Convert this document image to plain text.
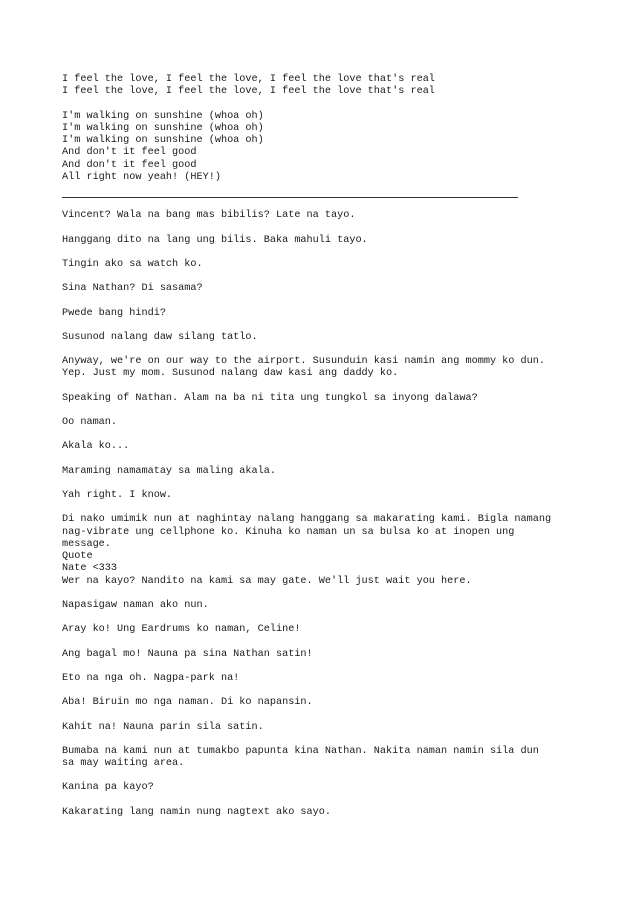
I feel the love, I feel the love, I feel the love that's real
I feel the love, I feel the love, I feel the love that's real
I'm walking on sunshine (whoa oh)
I'm walking on sunshine (whoa oh)
I'm walking on sunshine (whoa oh)
And don't it feel good
And don't it feel good
All right now yeah! (HEY!)
Vincent? Wala na bang mas bibilis? Late na tayo.
Hanggang dito na lang ung bilis. Baka mahuli tayo.
Tingin ako sa watch ko.
Sina Nathan? Di sasama?
Pwede bang hindi?
Susunod nalang daw silang tatlo.
Anyway, we're on our way to the airport. Susunduin kasi namin ang mommy ko dun.
Yep. Just my mom. Susunod nalang daw kasi ang daddy ko.
Speaking of Nathan. Alam na ba ni tita ung tungkol sa inyong dalawa?
Oo naman.
Akala ko...
Maraming namamatay sa maling akala.
Yah right. I know.
Di nako umimik nun at naghintay nalang hanggang sa makarating kami. Bigla namang
nag-vibrate ung cellphone ko. Kinuha ko naman un sa bulsa ko at inopen ung
message.
Quote
Nate <333
Wer na kayo? Nandito na kami sa may gate. We'll just wait you here.
Napasigaw naman ako nun.
Aray ko! Ung Eardrums ko naman, Celine!
Ang bagal mo! Nauna pa sina Nathan satin!
Eto na nga oh. Nagpa-park na!
Aba! Biruin mo nga naman. Di ko napansin.
Kahit na! Nauna parin sila satin.
Bumaba na kami nun at tumakbo papunta kina Nathan. Nakita naman namin sila dun
sa may waiting area.
Kanina pa kayo?
Kakarating lang namin nung nagtext ako sayo.
